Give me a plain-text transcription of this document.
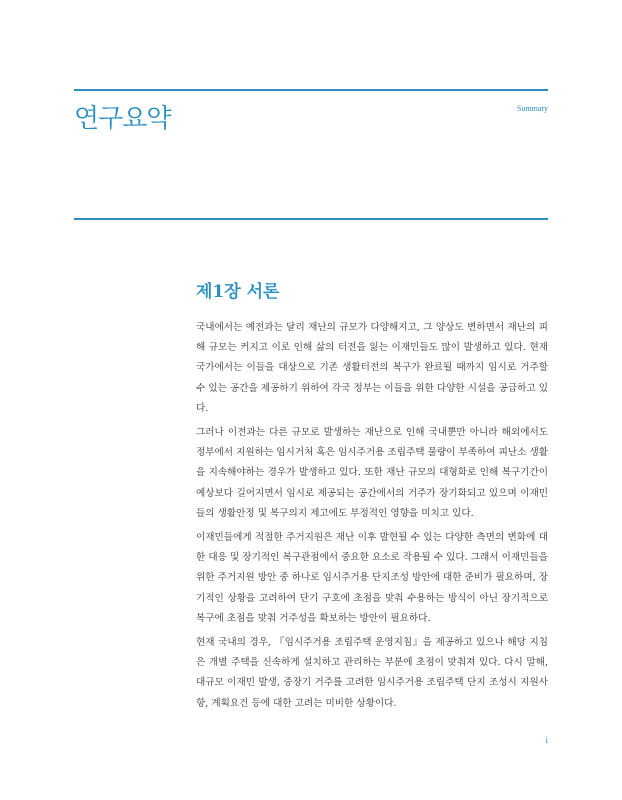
연구요약	Summary
제1장 서론

국내에서는 예전과는 달리 재난의 규모가 다양해지고, 그 양상도 변하면서 재난의 피해 규모는 커지고 이로 인해 삶의 터전을 잃는 이재민들도 많이 발생하고 있다. 현재 국가에서는 이들을 대상으로 기존 생활터전의 복구가 완료될 때까지 임시로 거주할 수 있는 공간을 제공하기 위하여 각국 정부는 이들을 위한 다양한 시설을 공급하고 있다.

그러나 이전과는 다른 규모로 발생하는 재난으로 인해 국내뿐만 아니라 해외에서도 정부에서 지원하는 임시거처 혹은 임시주거용 조립주택 물량이 부족하여 피난소 생활을 지속해야하는 경우가 발생하고 있다. 또한 재난 규모의 대형화로 인해 복구기간이 예상보다 길어지면서 임시로 제공되는 공간에서의 거주가 장기화되고 있으며 이재민들의 생활안정 및 복구의지 제고에도 부정적인 영향을 미치고 있다.

이재민들에게 적절한 주거지원은 재난 이후 발현될 수 있는 다양한 측면의 변화에 대한 대응 및 장기적인 복구관점에서 중요한 요소로 작용될 수 있다. 그래서 이재민들을 위한 주거지원 방안 중 하나로 임시주거용 단지조성 방안에 대한 준비가 필요하며, 장기적인 상황을 고려하여 단기 구호에 초점을 맞춰 수용하는 방식이 아닌 장기적으로 복구에 초점을 맞춰 거주성을 확보하는 방안이 필요하다.

현재 국내의 경우, 『임시주거용 조립주택 운영지침』을 제공하고 있으나 해당 지침은 개별 주택을 신속하게 설치하고 관리하는 부분에 초점이 맞춰져 있다. 다시 말해, 대규모 이재민 발생, 중장기 거주를 고려한 임시주거용 조립주택 단지 조성시 지원사항, 계획요건 등에 대한 고려는 미비한 상황이다.

i
